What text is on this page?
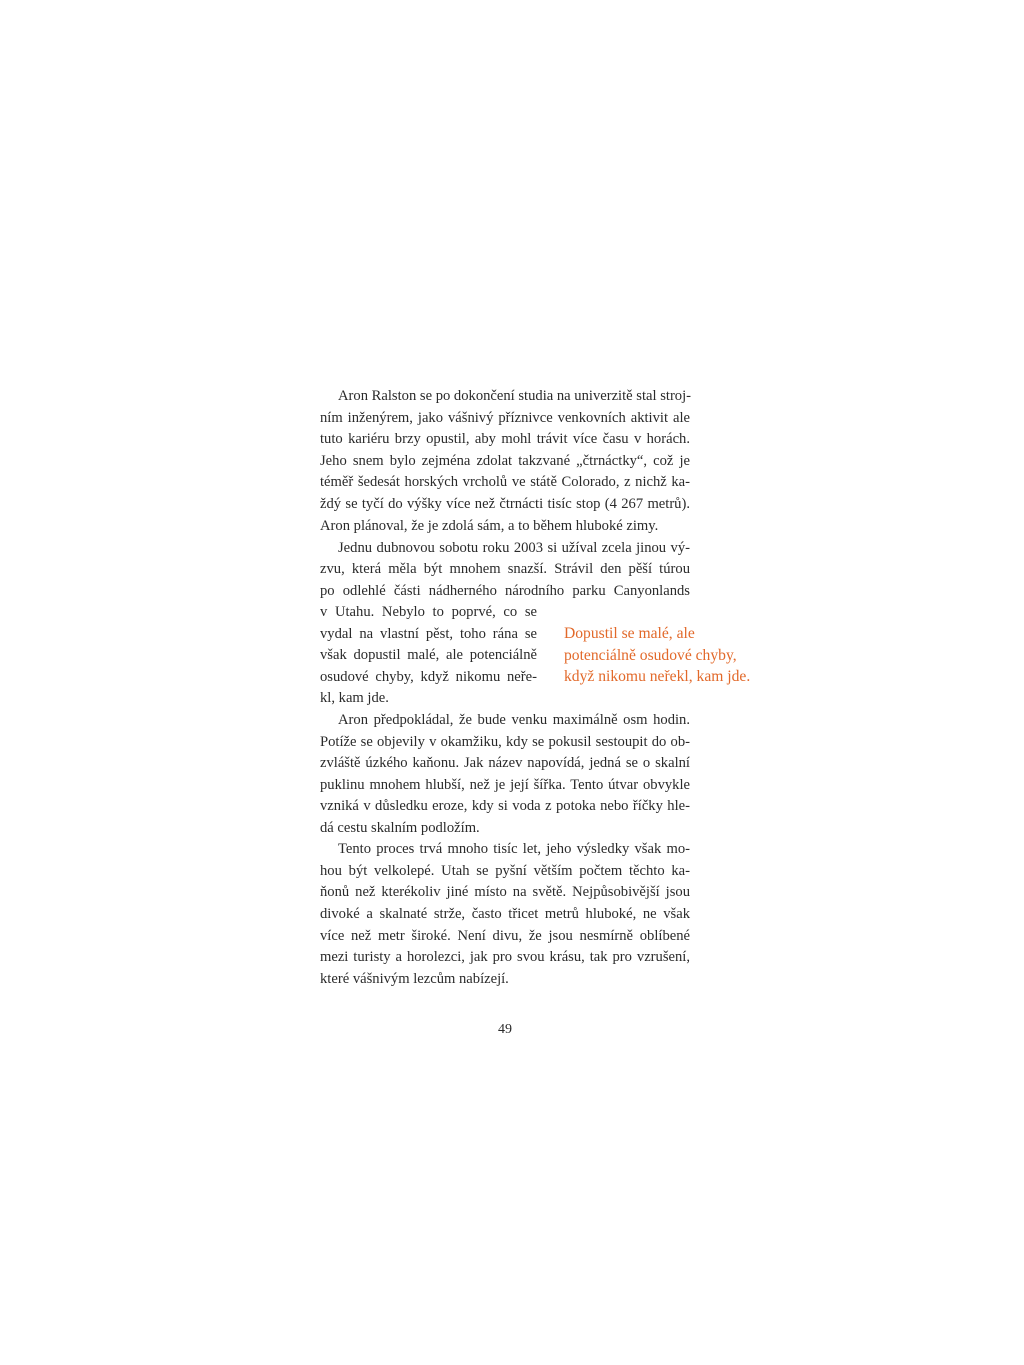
Aron Ralston se po dokončení studia na univerzitě stal stroj-

ním inženýrem, jako vášnivý příznivce venkovních aktivit ale

tuto kariéru brzy opustil, aby mohl trávit více času v horách.

Jeho snem bylo zejména zdolat takzvané „čtrnáctky“, což je

téměř šedesát horských vrcholů ve státě Colorado, z nichž ka-

ždý se tyčí do výšky více než čtrnácti tisíc stop (4 267 metrů).

Aron plánoval, že je zdolá sám, a to během hluboké zimy.

Jednu dubnovou sobotu roku 2003 si užíval zcela jinou vý-

zvu, která měla být mnohem snazší. Strávil den pěší túrou

po odlehlé části nádherného národního parku Canyonlands

v Utahu. Nebylo to poprvé, co se

vydal na vlastní pěst, toho rána se

však dopustil malé, ale potenciálně

osudové chyby, když nikomu neře-

kl, kam jde.

Dopustil se malé, ale
potenciálně osudové chyby,
když nikomu neřekl, kam jde.

Aron předpokládal, že bude venku maximálně osm hodin.

Potíže se objevily v okamžiku, kdy se pokusil sestoupit do ob-

zvláště úzkého kaňonu. Jak název napovídá, jedná se o skalní

puklinu mnohem hlubší, než je její šířka. Tento útvar obvykle

vzniká v důsledku eroze, kdy si voda z potoka nebo říčky hle-

dá cestu skalním podložím.

Tento proces trvá mnoho tisíc let, jeho výsledky však mo-

hou být velkolepé. Utah se pyšní větším počtem těchto ka-

ňonů než kterékoliv jiné místo na světě. Nejpůsobivější jsou

divoké a skalnaté strže, často třicet metrů hluboké, ne však

více než metr široké. Není divu, že jsou nesmírně oblíbené

mezi turisty a horolezci, jak pro svou krásu, tak pro vzrušení,

které vášnivým lezcům nabízejí.

49
